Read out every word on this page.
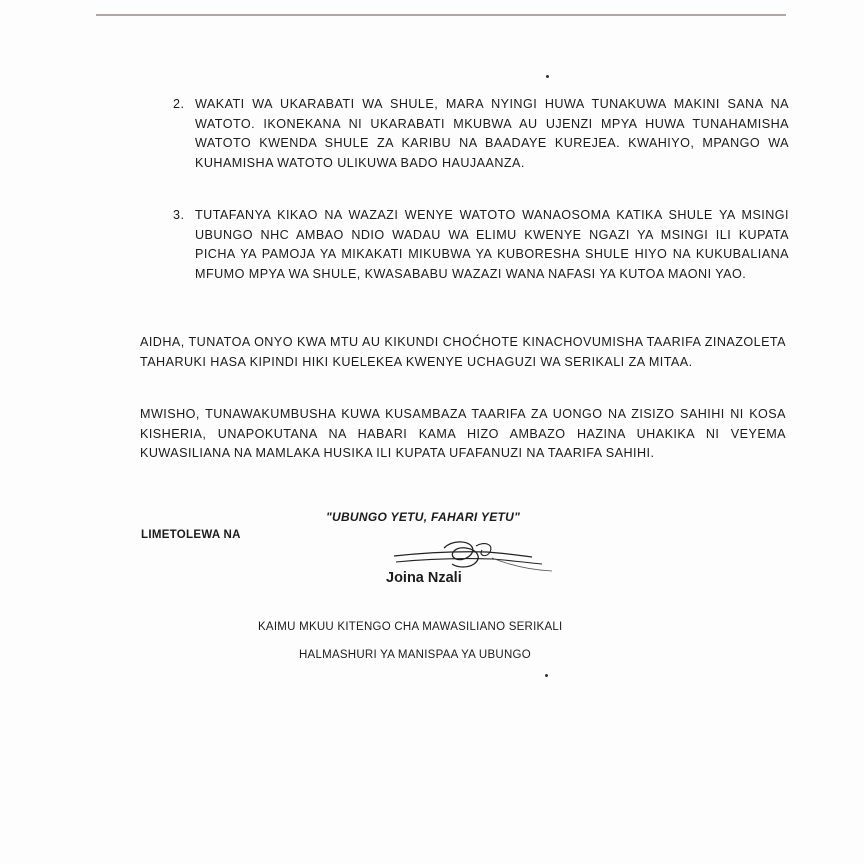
2. WAKATI WA UKARABATI WA SHULE, MARA NYINGI HUWA TUNAKUWA MAKINI SANA NA WATOTO. IKONEKANA NI UKARABATI MKUBWA AU UJENZI MPYA HUWA TUNAHAMISHA WATOTO KWENDA SHULE ZA KARIBU NA BAADAYE KUREJEA. KWAHIYO, MPANGO WA KUHAMISHA WATOTO ULIKUWA BADO HAUJAANZA.
3. TUTAFANYA KIKAO NA WAZAZI WENYE WATOTO WANAOSOMA KATIKA SHULE YA MSINGI UBUNGO NHC AMBAO NDIO WADAU WA ELIMU KWENYE NGAZI YA MSINGI ILI KUPATA PICHA YA PAMOJA YA MIKAKATI MIKUBWA YA KUBORESHA SHULE HIYO NA KUKUBALIANA MFUMO MPYA WA SHULE, KWASABABU WAZAZI WANA NAFASI YA KUTOA MAONI YAO.
AIDHA, TUNATOA ONYO KWA MTU AU KIKUNDI CHOĆHOTE KINACHOVUMISHA TAARIFA ZINAZOLETA TAHARUKI HASA KIPINDI HIKI KUELEKEA KWENYE UCHAGUZI WA SERIKALI ZA MITAA.
MWISHO, TUNAWAKUMBUSHA KUWA KUSAMBAZA TAARIFA ZA UONGO NA ZISIZO SAHIHI NI KOSA KISHERIA, UNAPOKUTANA NA HABARI KAMA HIZO AMBAZO HAZINA UHAKIKA NI VEYEMA KUWASILIANA NA MAMLAKA HUSIKA ILI KUPATA UFAFANUZI NA TAARIFA SAHIHI.
"UBUNGO YETU, FAHARI YETU"
LIMETOLEWA NA
Joina Nzali
KAIMU MKUU KITENGO CHA MAWASILIANO SERIKALI
HALMASHURI YA MANISPAA YA UBUNGO
